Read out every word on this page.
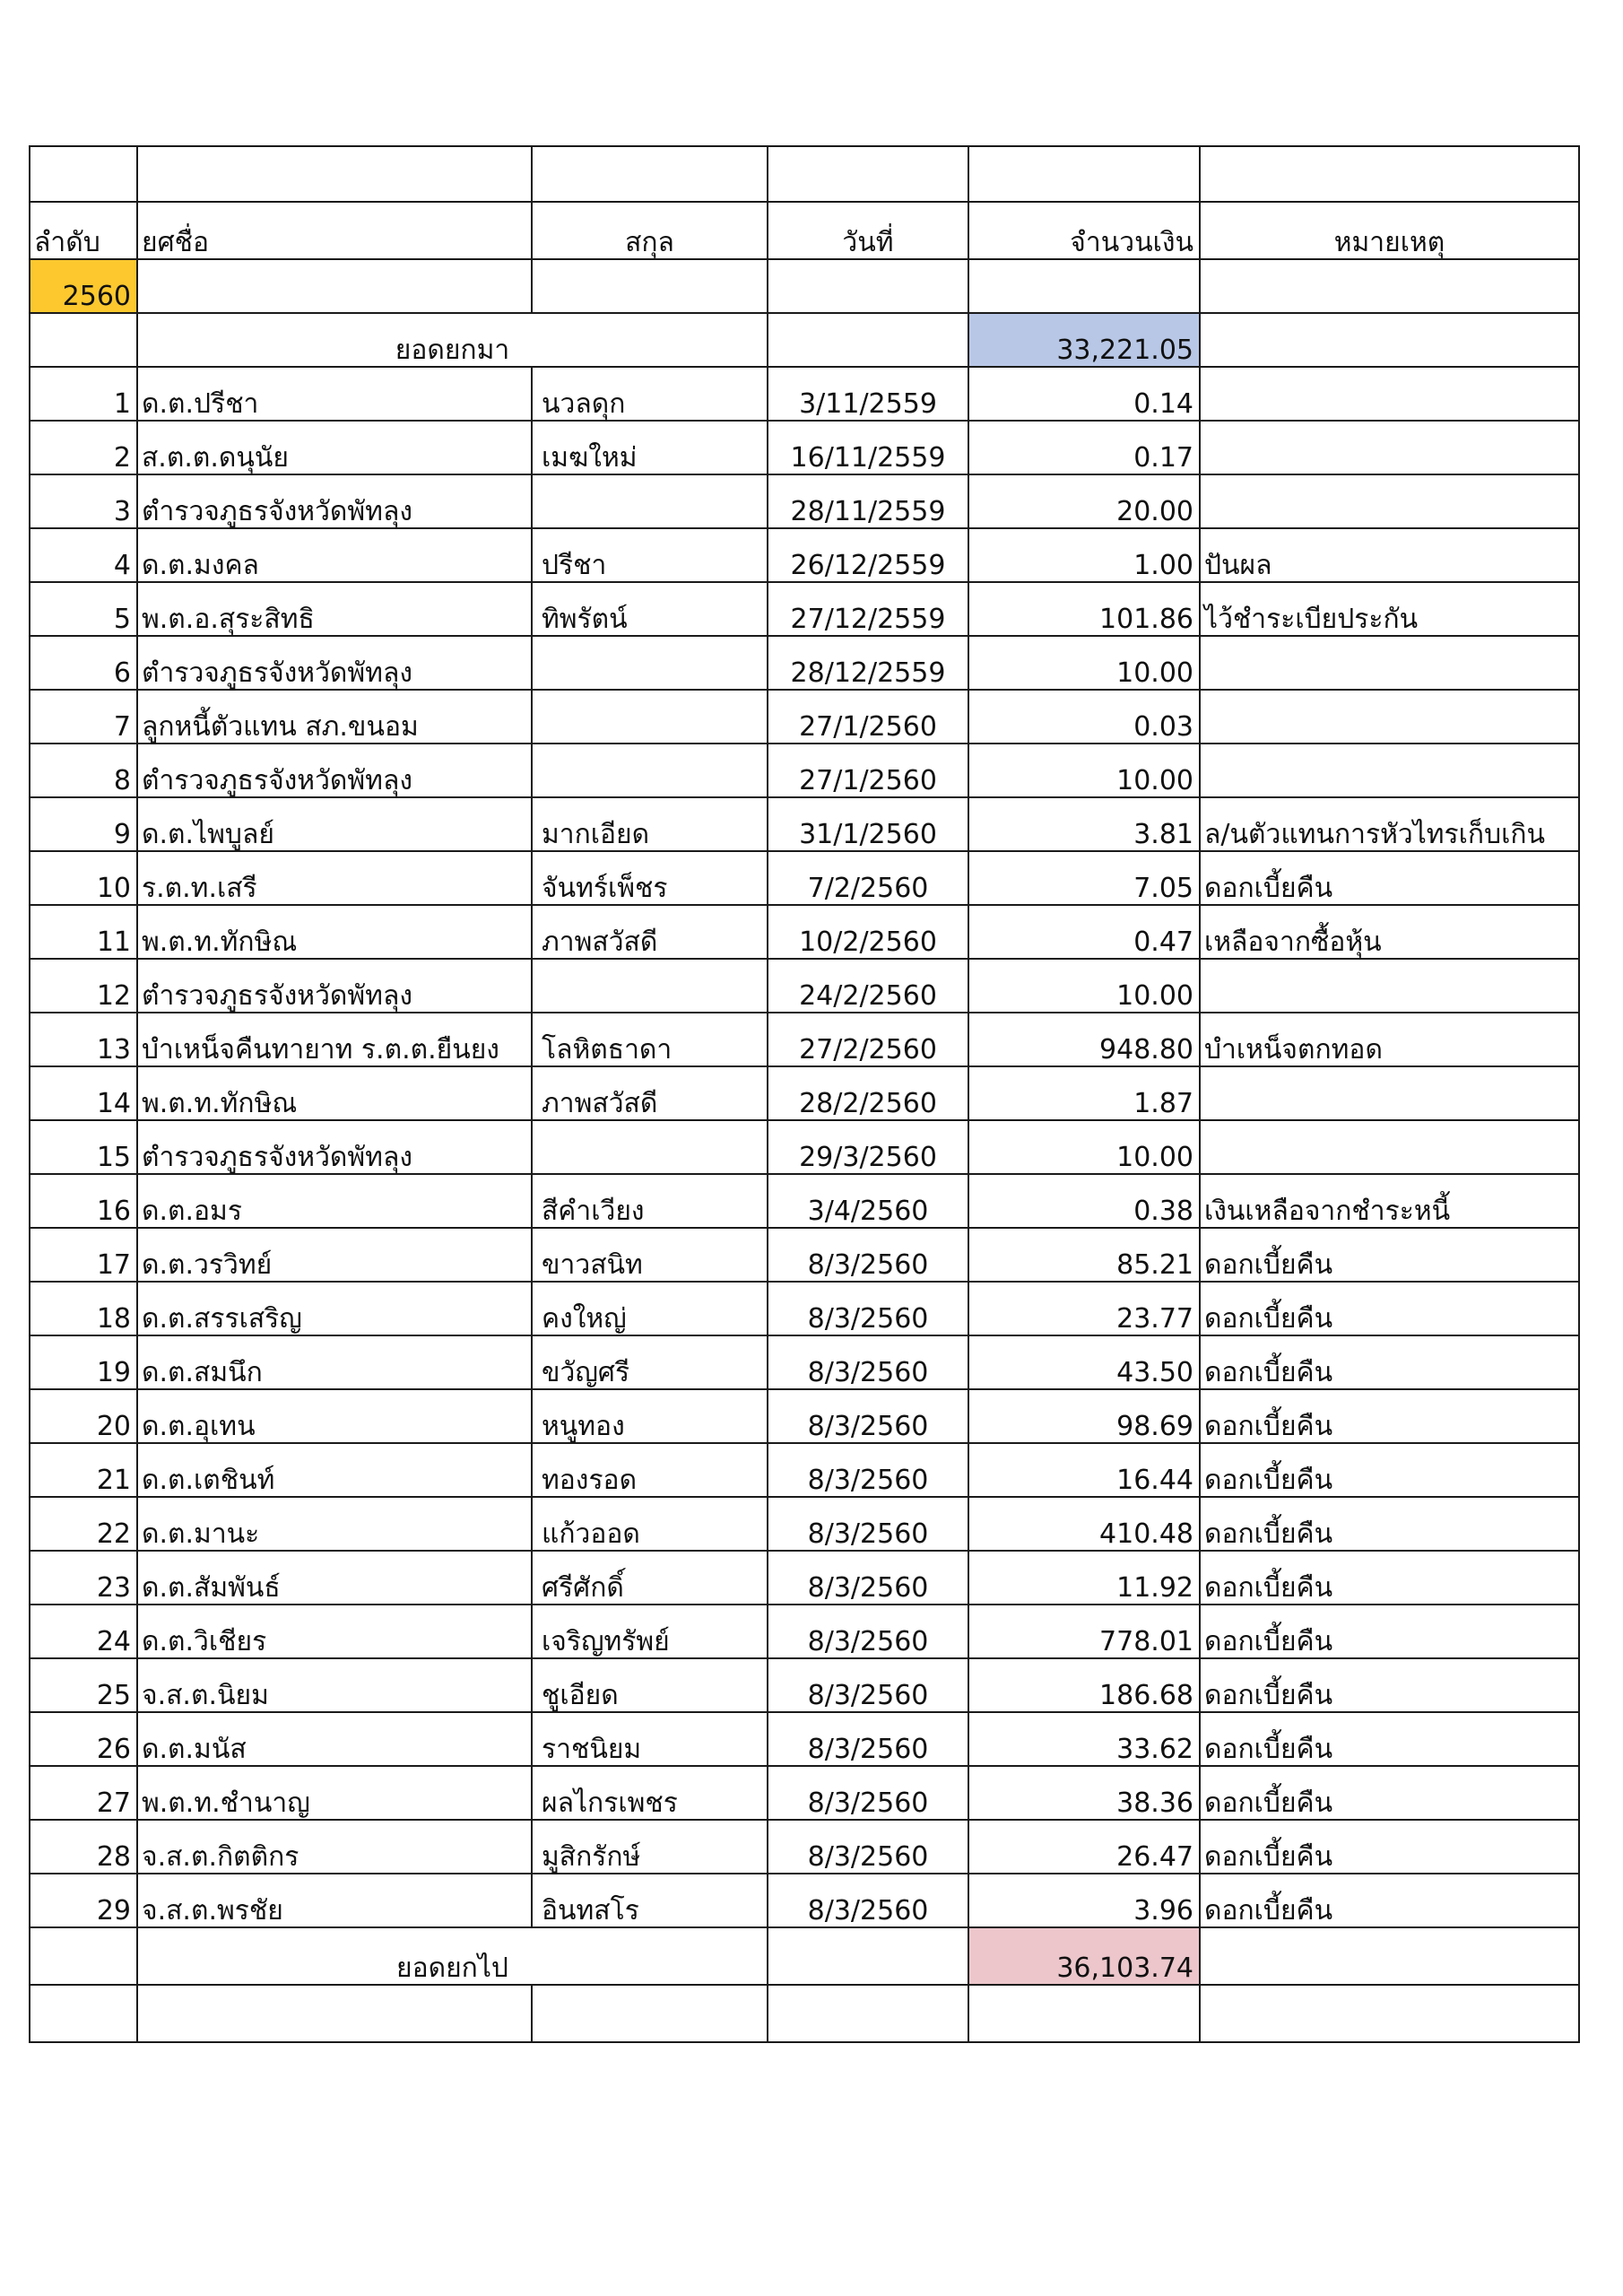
ลำดับ	ยศชื่อ	สกุล	วันที่	จำนวนเงิน	หมายเหตุ
2560					
	ยอดยกมา			33,221.05	
1	ด.ต.ปรีชา	นวลดุก	3/11/2559	0.14	
2	ส.ต.ต.ดนุนัย	เมฆใหม่	16/11/2559	0.17	
3	ตำรวจภูธรจังหวัดพัทลุง		28/11/2559	20.00	
4	ด.ต.มงคล	ปรีชา	26/12/2559	1.00	ปันผล
5	พ.ต.อ.สุระสิทธิ	ทิพรัตน์	27/12/2559	101.86	ไว้ชำระเบียประกัน
6	ตำรวจภูธรจังหวัดพัทลุง		28/12/2559	10.00	
7	ลูกหนี้ตัวแทน สภ.ขนอม		27/1/2560	0.03	
8	ตำรวจภูธรจังหวัดพัทลุง		27/1/2560	10.00	
9	ด.ต.ไพบูลย์	มากเอียด	31/1/2560	3.81	ล/นตัวแทนการหัวไทรเก็บเกิน
10	ร.ต.ท.เสรี	จันทร์เพ็ชร	7/2/2560	7.05	ดอกเบี้ยคืน
11	พ.ต.ท.ทักษิณ	ภาพสวัสดี	10/2/2560	0.47	เหลือจากซื้อหุ้น
12	ตำรวจภูธรจังหวัดพัทลุง		24/2/2560	10.00	
13	บำเหน็จคืนทายาท ร.ต.ต.ยืนยง	โลหิตธาดา	27/2/2560	948.80	บำเหน็จตกทอด
14	พ.ต.ท.ทักษิณ	ภาพสวัสดี	28/2/2560	1.87	
15	ตำรวจภูธรจังหวัดพัทลุง		29/3/2560	10.00	
16	ด.ต.อมร	สีคำเวียง	3/4/2560	0.38	เงินเหลือจากชำระหนี้
17	ด.ต.วรวิทย์	ขาวสนิท	8/3/2560	85.21	ดอกเบี้ยคืน
18	ด.ต.สรรเสริญ	คงใหญ่	8/3/2560	23.77	ดอกเบี้ยคืน
19	ด.ต.สมนึก	ขวัญศรี	8/3/2560	43.50	ดอกเบี้ยคืน
20	ด.ต.อุเทน	หนูทอง	8/3/2560	98.69	ดอกเบี้ยคืน
21	ด.ต.เตชินท์	ทองรอด	8/3/2560	16.44	ดอกเบี้ยคืน
22	ด.ต.มานะ	แก้วออด	8/3/2560	410.48	ดอกเบี้ยคืน
23	ด.ต.สัมพันธ์	ศรีศักดิ์	8/3/2560	11.92	ดอกเบี้ยคืน
24	ด.ต.วิเชียร	เจริญทรัพย์	8/3/2560	778.01	ดอกเบี้ยคืน
25	จ.ส.ต.นิยม	ชูเอียด	8/3/2560	186.68	ดอกเบี้ยคืน
26	ด.ต.มนัส	ราชนิยม	8/3/2560	33.62	ดอกเบี้ยคืน
27	พ.ต.ท.ชำนาญ	ผลไกรเพชร	8/3/2560	38.36	ดอกเบี้ยคืน
28	จ.ส.ต.กิตติกร	มูสิกรักษ์	8/3/2560	26.47	ดอกเบี้ยคืน
29	จ.ส.ต.พรชัย	อินทสโร	8/3/2560	3.96	ดอกเบี้ยคืน
	ยอดยกไป			36,103.74	
